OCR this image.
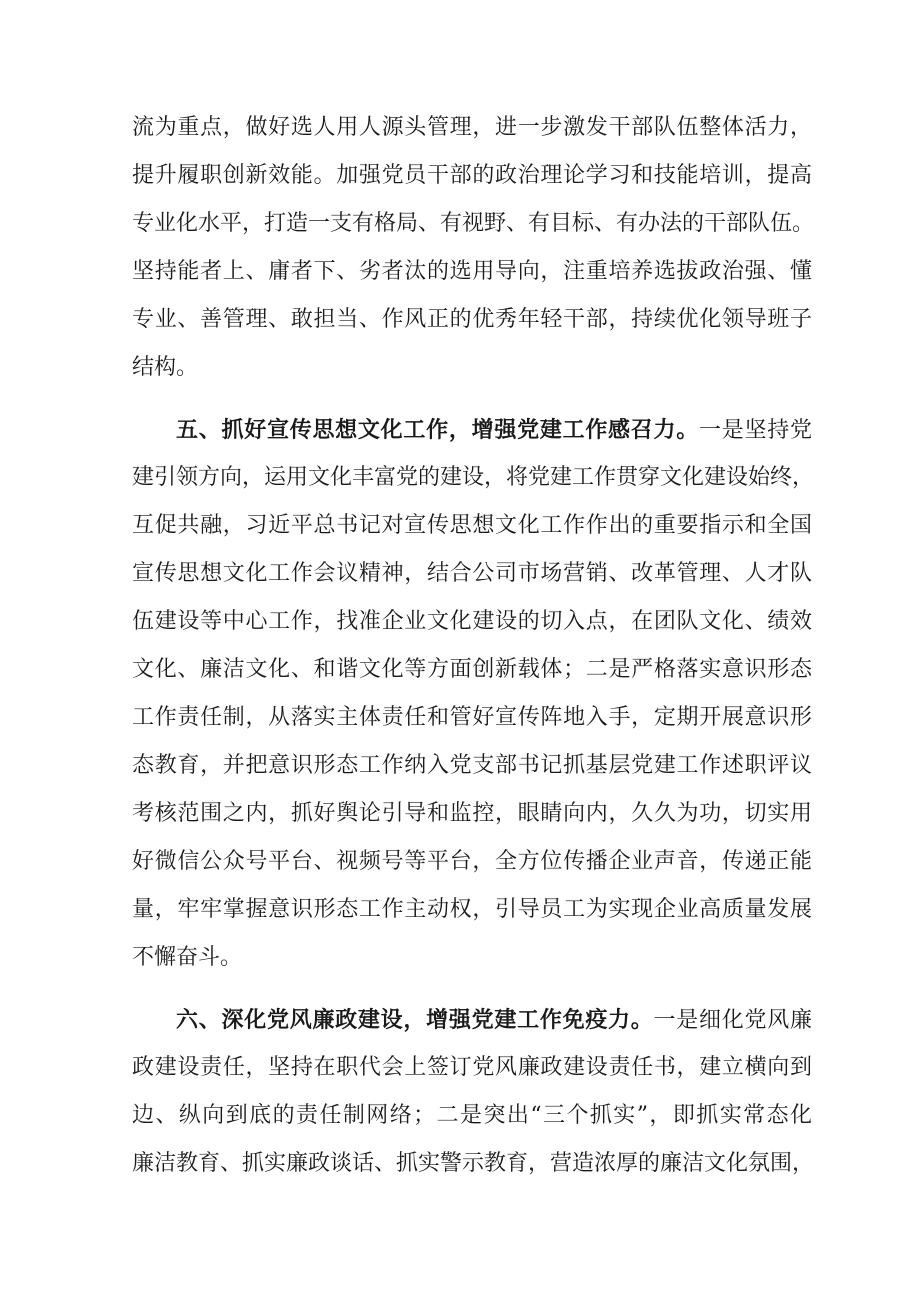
流为重点，做好选人用人源头管理，进一步激发干部队伍整体活力，
提升履职创新效能。加强党员干部的政治理论学习和技能培训，提高
专业化水平，打造一支有格局、有视野、有目标、有办法的干部队伍。
坚持能者上、庸者下、劣者汰的选用导向，注重培养选拔政治强、懂
专业、善管理、敢担当、作风正的优秀年轻干部，持续优化领导班子
结构。
五、抓好宣传思想文化工作，增强党建工作感召力。一是坚持党
建引领方向，运用文化丰富党的建设，将党建工作贯穿文化建设始终，
互促共融，习近平总书记对宣传思想文化工作作出的重要指示和全国
宣传思想文化工作会议精神，结合公司市场营销、改革管理、人才队
伍建设等中心工作，找准企业文化建设的切入点，在团队文化、绩效
文化、廉洁文化、和谐文化等方面创新载体；二是严格落实意识形态
工作责任制，从落实主体责任和管好宣传阵地入手，定期开展意识形
态教育，并把意识形态工作纳入党支部书记抓基层党建工作述职评议
考核范围之内，抓好舆论引导和监控，眼睛向内，久久为功，切实用
好微信公众号平台、视频号等平台，全方位传播企业声音，传递正能
量，牢牢掌握意识形态工作主动权，引导员工为实现企业高质量发展
不懈奋斗。
六、深化党风廉政建设，增强党建工作免疫力。一是细化党风廉
政建设责任，坚持在职代会上签订党风廉政建设责任书，建立横向到
边、纵向到底的责任制网络；二是突出“三个抓实”，即抓实常态化
廉洁教育、抓实廉政谈话、抓实警示教育，营造浓厚的廉洁文化氛围，
